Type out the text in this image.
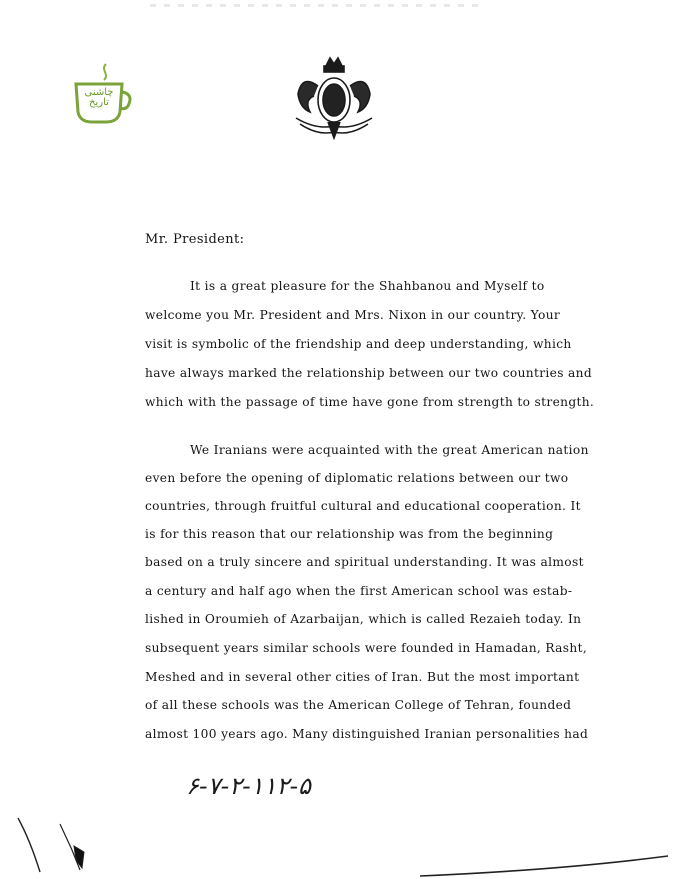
چاشنی تاریخ
Mr. President:

It is a great pleasure for the Shahbanou and Myself to

welcome you Mr. President and Mrs. Nixon in our country. Your

visit is symbolic of the friendship and deep understanding, which

have always marked the relationship between our two countries and

which with the passage of time have gone from strength to strength.

We Iranians were acquainted with the great American nation

even before the opening of diplomatic relations between our two

countries, through fruitful cultural and educational cooperation. It

is for this reason that our relationship was from the beginning

based on a truly sincere and spiritual understanding. It was almost

a century and half ago when the first American school was estab-

lished in Oroumieh of Azarbaijan, which is called Rezaieh today. In

subsequent years similar schools were founded in Hamadan, Rasht,

Meshed and in several other cities of Iran. But the most important

of all these schools was the American College of Tehran, founded

almost 100 years ago. Many distinguished Iranian personalities had

۶-۷-۲-۱۱۲-۵
